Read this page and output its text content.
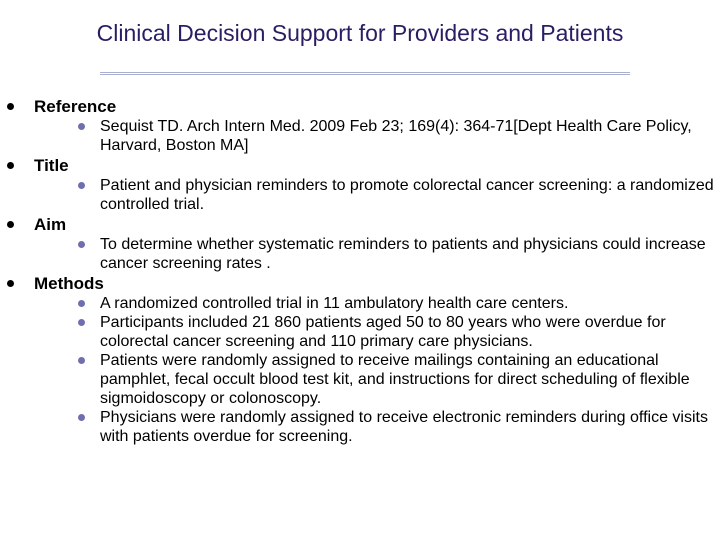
Clinical Decision Support for Providers and Patients
Reference
Sequist TD. Arch Intern Med. 2009 Feb 23; 169(4): 364-71[Dept Health Care Policy, Harvard, Boston MA]
Title
Patient and physician reminders to promote colorectal cancer screening: a randomized controlled trial.
Aim
To determine whether systematic reminders to patients and physicians could increase cancer screening rates .
Methods
A randomized controlled trial in 11 ambulatory health care centers.
Participants included 21 860 patients aged 50 to 80 years who were overdue for colorectal cancer screening and 110 primary care physicians.
Patients were randomly assigned to receive mailings containing an educational pamphlet, fecal occult blood test kit, and instructions for direct scheduling of flexible sigmoidoscopy or colonoscopy.
Physicians were randomly assigned to receive electronic reminders during office visits with patients overdue for screening.
